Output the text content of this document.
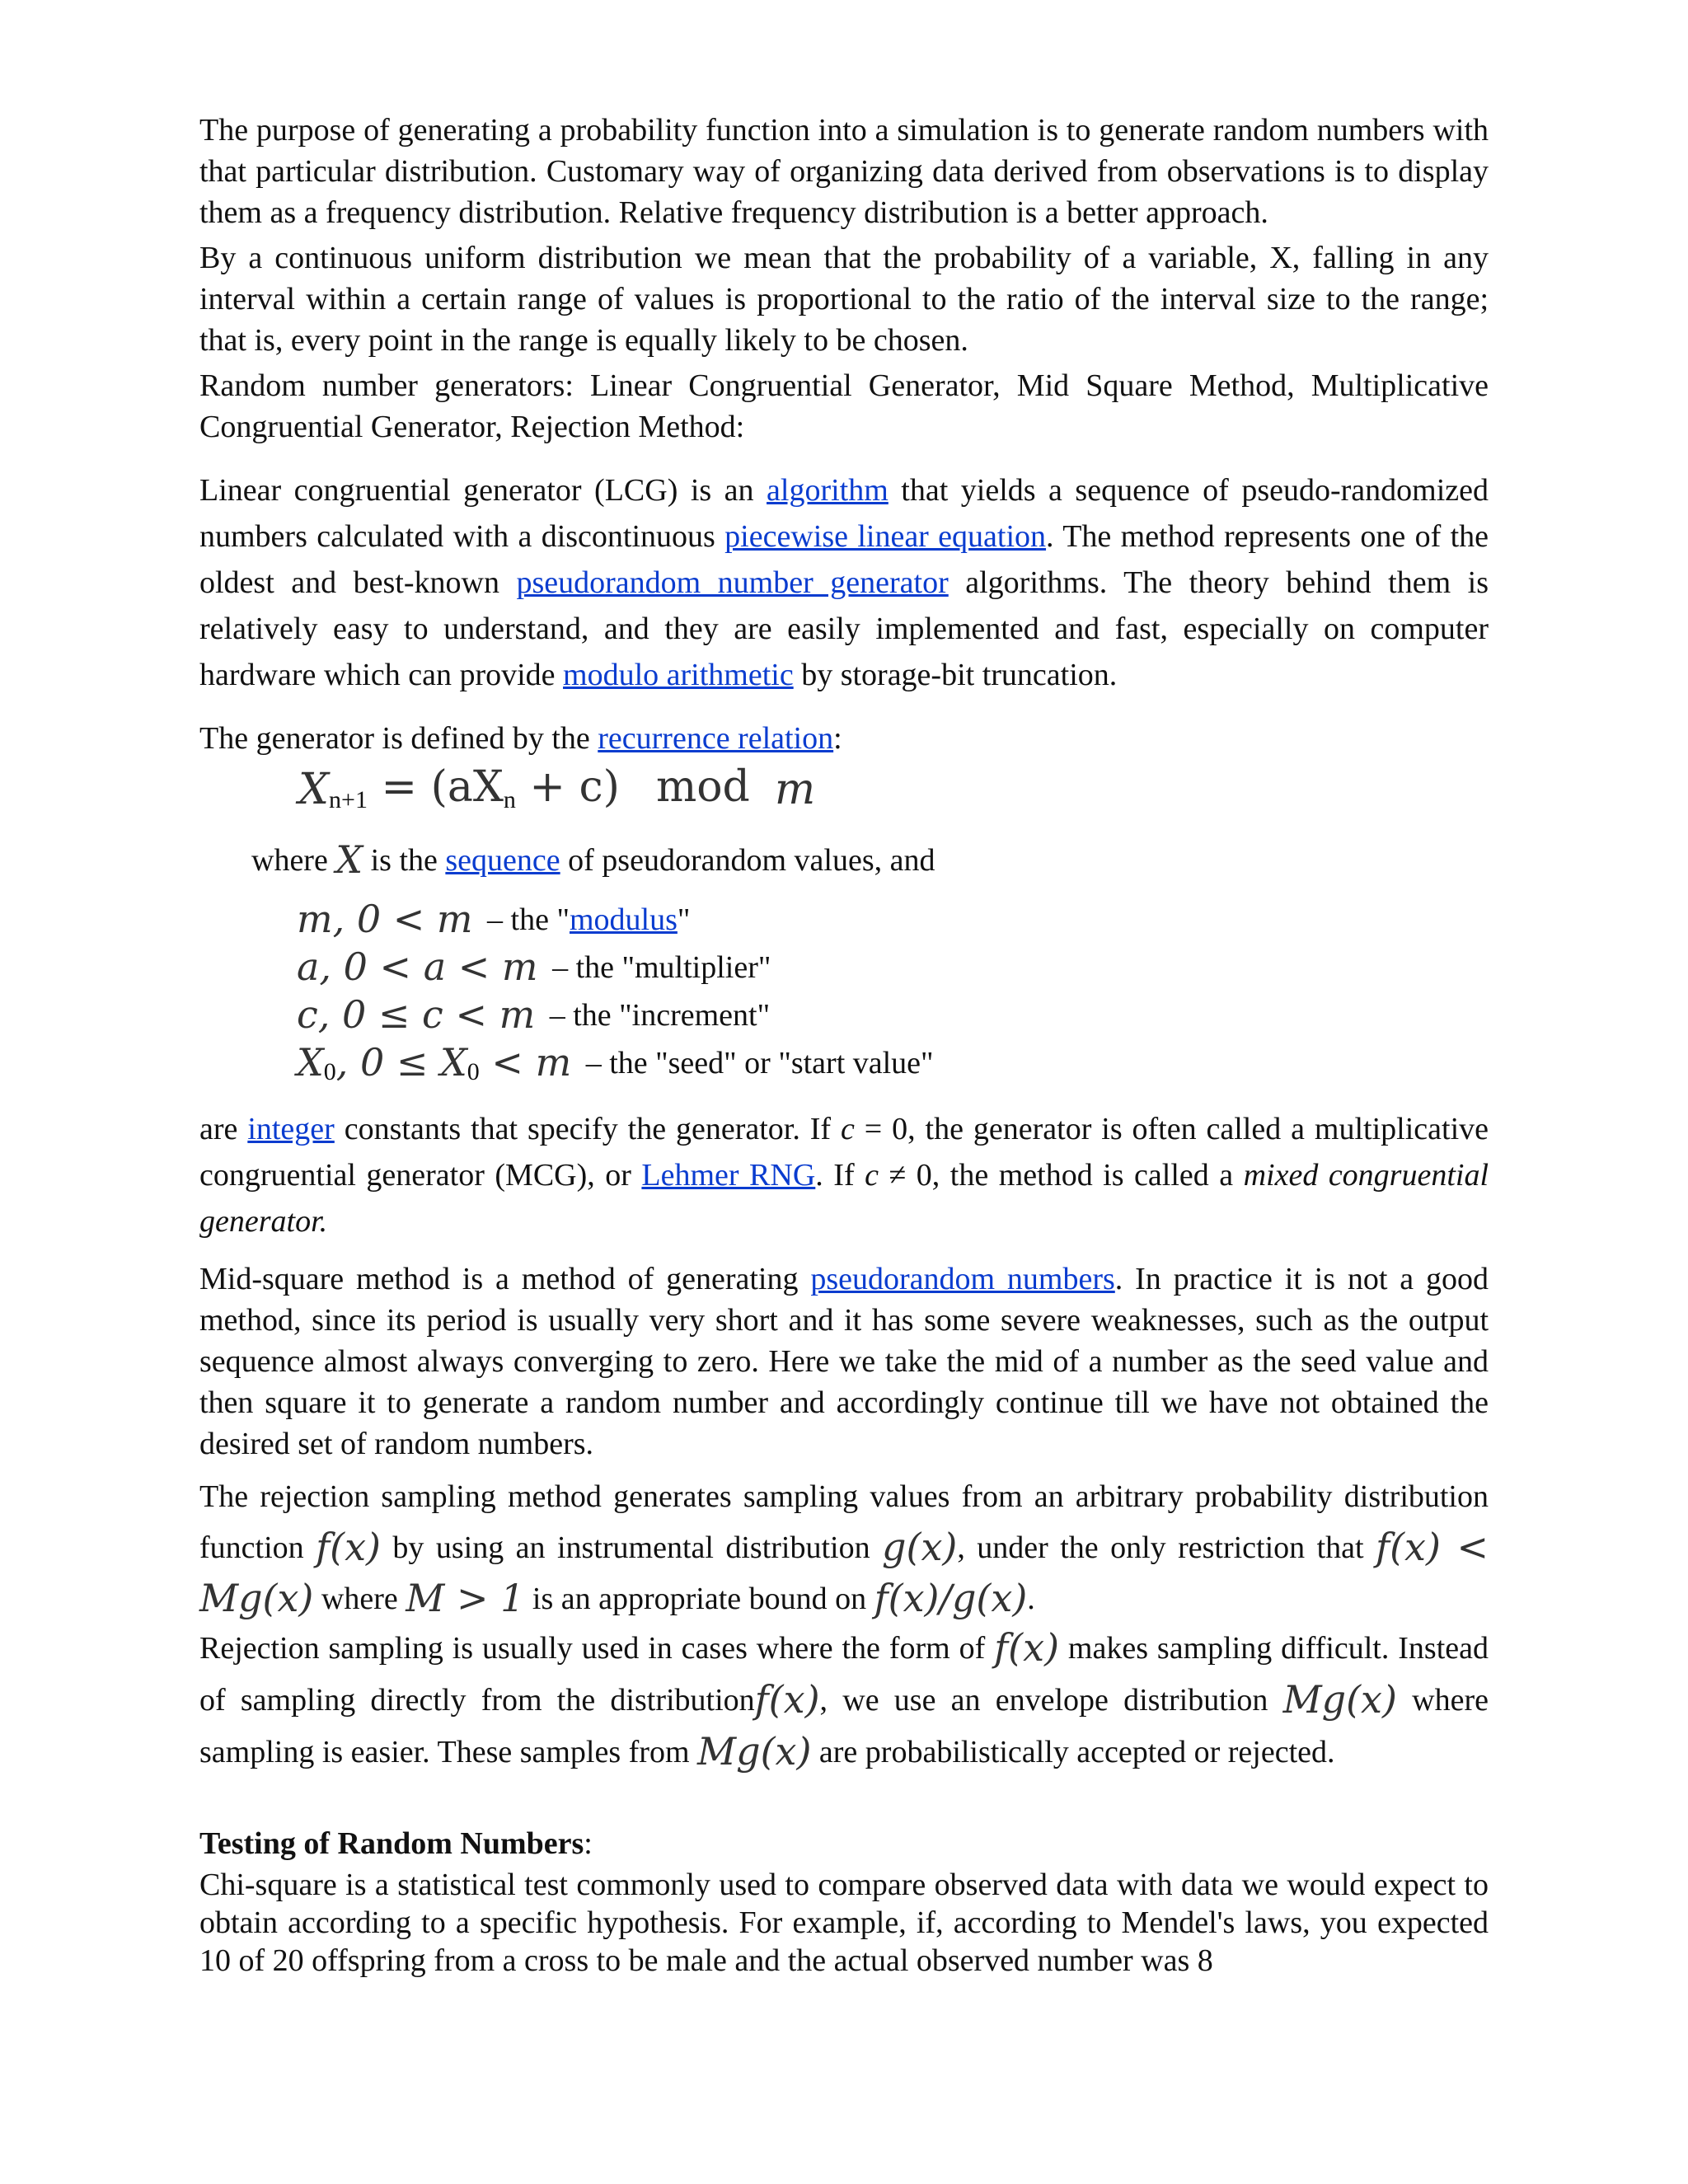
The purpose of generating a probability function into a simulation is to generate random numbers with that particular distribution. Customary way of organizing data derived from observations is to display them as a frequency distribution. Relative frequency distribution is a better approach.

By a continuous uniform distribution we mean that the probability of a variable, X, falling in any interval within a certain range of values is proportional to the ratio of the interval size to the range; that is, every point in the range is equally likely to be chosen.

Random number generators: Linear Congruential Generator, Mid Square Method, Multiplicative Congruential Generator, Rejection Method:

Linear congruential generator (LCG) is an algorithm that yields a sequence of pseudo-randomized numbers calculated with a discontinuous piecewise linear equation. The method represents one of the oldest and best-known pseudorandom number generator algorithms. The theory behind them is relatively easy to understand, and they are easily implemented and fast, especially on computer hardware which can provide modulo arithmetic by storage-bit truncation.

The generator is defined by the recurrence relation:

$X_{n+1} = (aX_n + c)$ mod m
where X is the sequence of pseudorandom values, and
m, 0 < m – the "modulus"
a, 0 < a < m – the "multiplier"
c, 0 ≤ c < m – the "increment"
$X_0$, $0 \le X_0 < m$ – the "seed" or "start value"

are integer constants that specify the generator. If c = 0, the generator is often called a multiplicative congruential generator (MCG), or Lehmer RNG. If c ≠ 0, the method is called a mixed congruential generator.

Mid-square method is a method of generating pseudorandom numbers. In practice it is not a good method, since its period is usually very short and it has some severe weaknesses, such as the output sequence almost always converging to zero. Here we take the mid of a number as the seed value and then square it to generate a random number and accordingly continue till we have not obtained the desired set of random numbers.

The rejection sampling method generates sampling values from an arbitrary probability distribution function f(x) by using an instrumental distribution g(x), under the only restriction that f(x) < Mg(x) where M > 1 is an appropriate bound on f(x)/g(x).

Rejection sampling is usually used in cases where the form of f(x) makes sampling difficult. Instead of sampling directly from the distributionf(x), we use an envelope distribution Mg(x) where sampling is easier. These samples from Mg(x) are probabilistically accepted or rejected.

Testing of Random Numbers:

Chi-square is a statistical test commonly used to compare observed data with data we would expect to obtain according to a specific hypothesis. For example, if, according to Mendel's laws, you expected 10 of 20 offspring from a cross to be male and the actual observed number was 8
